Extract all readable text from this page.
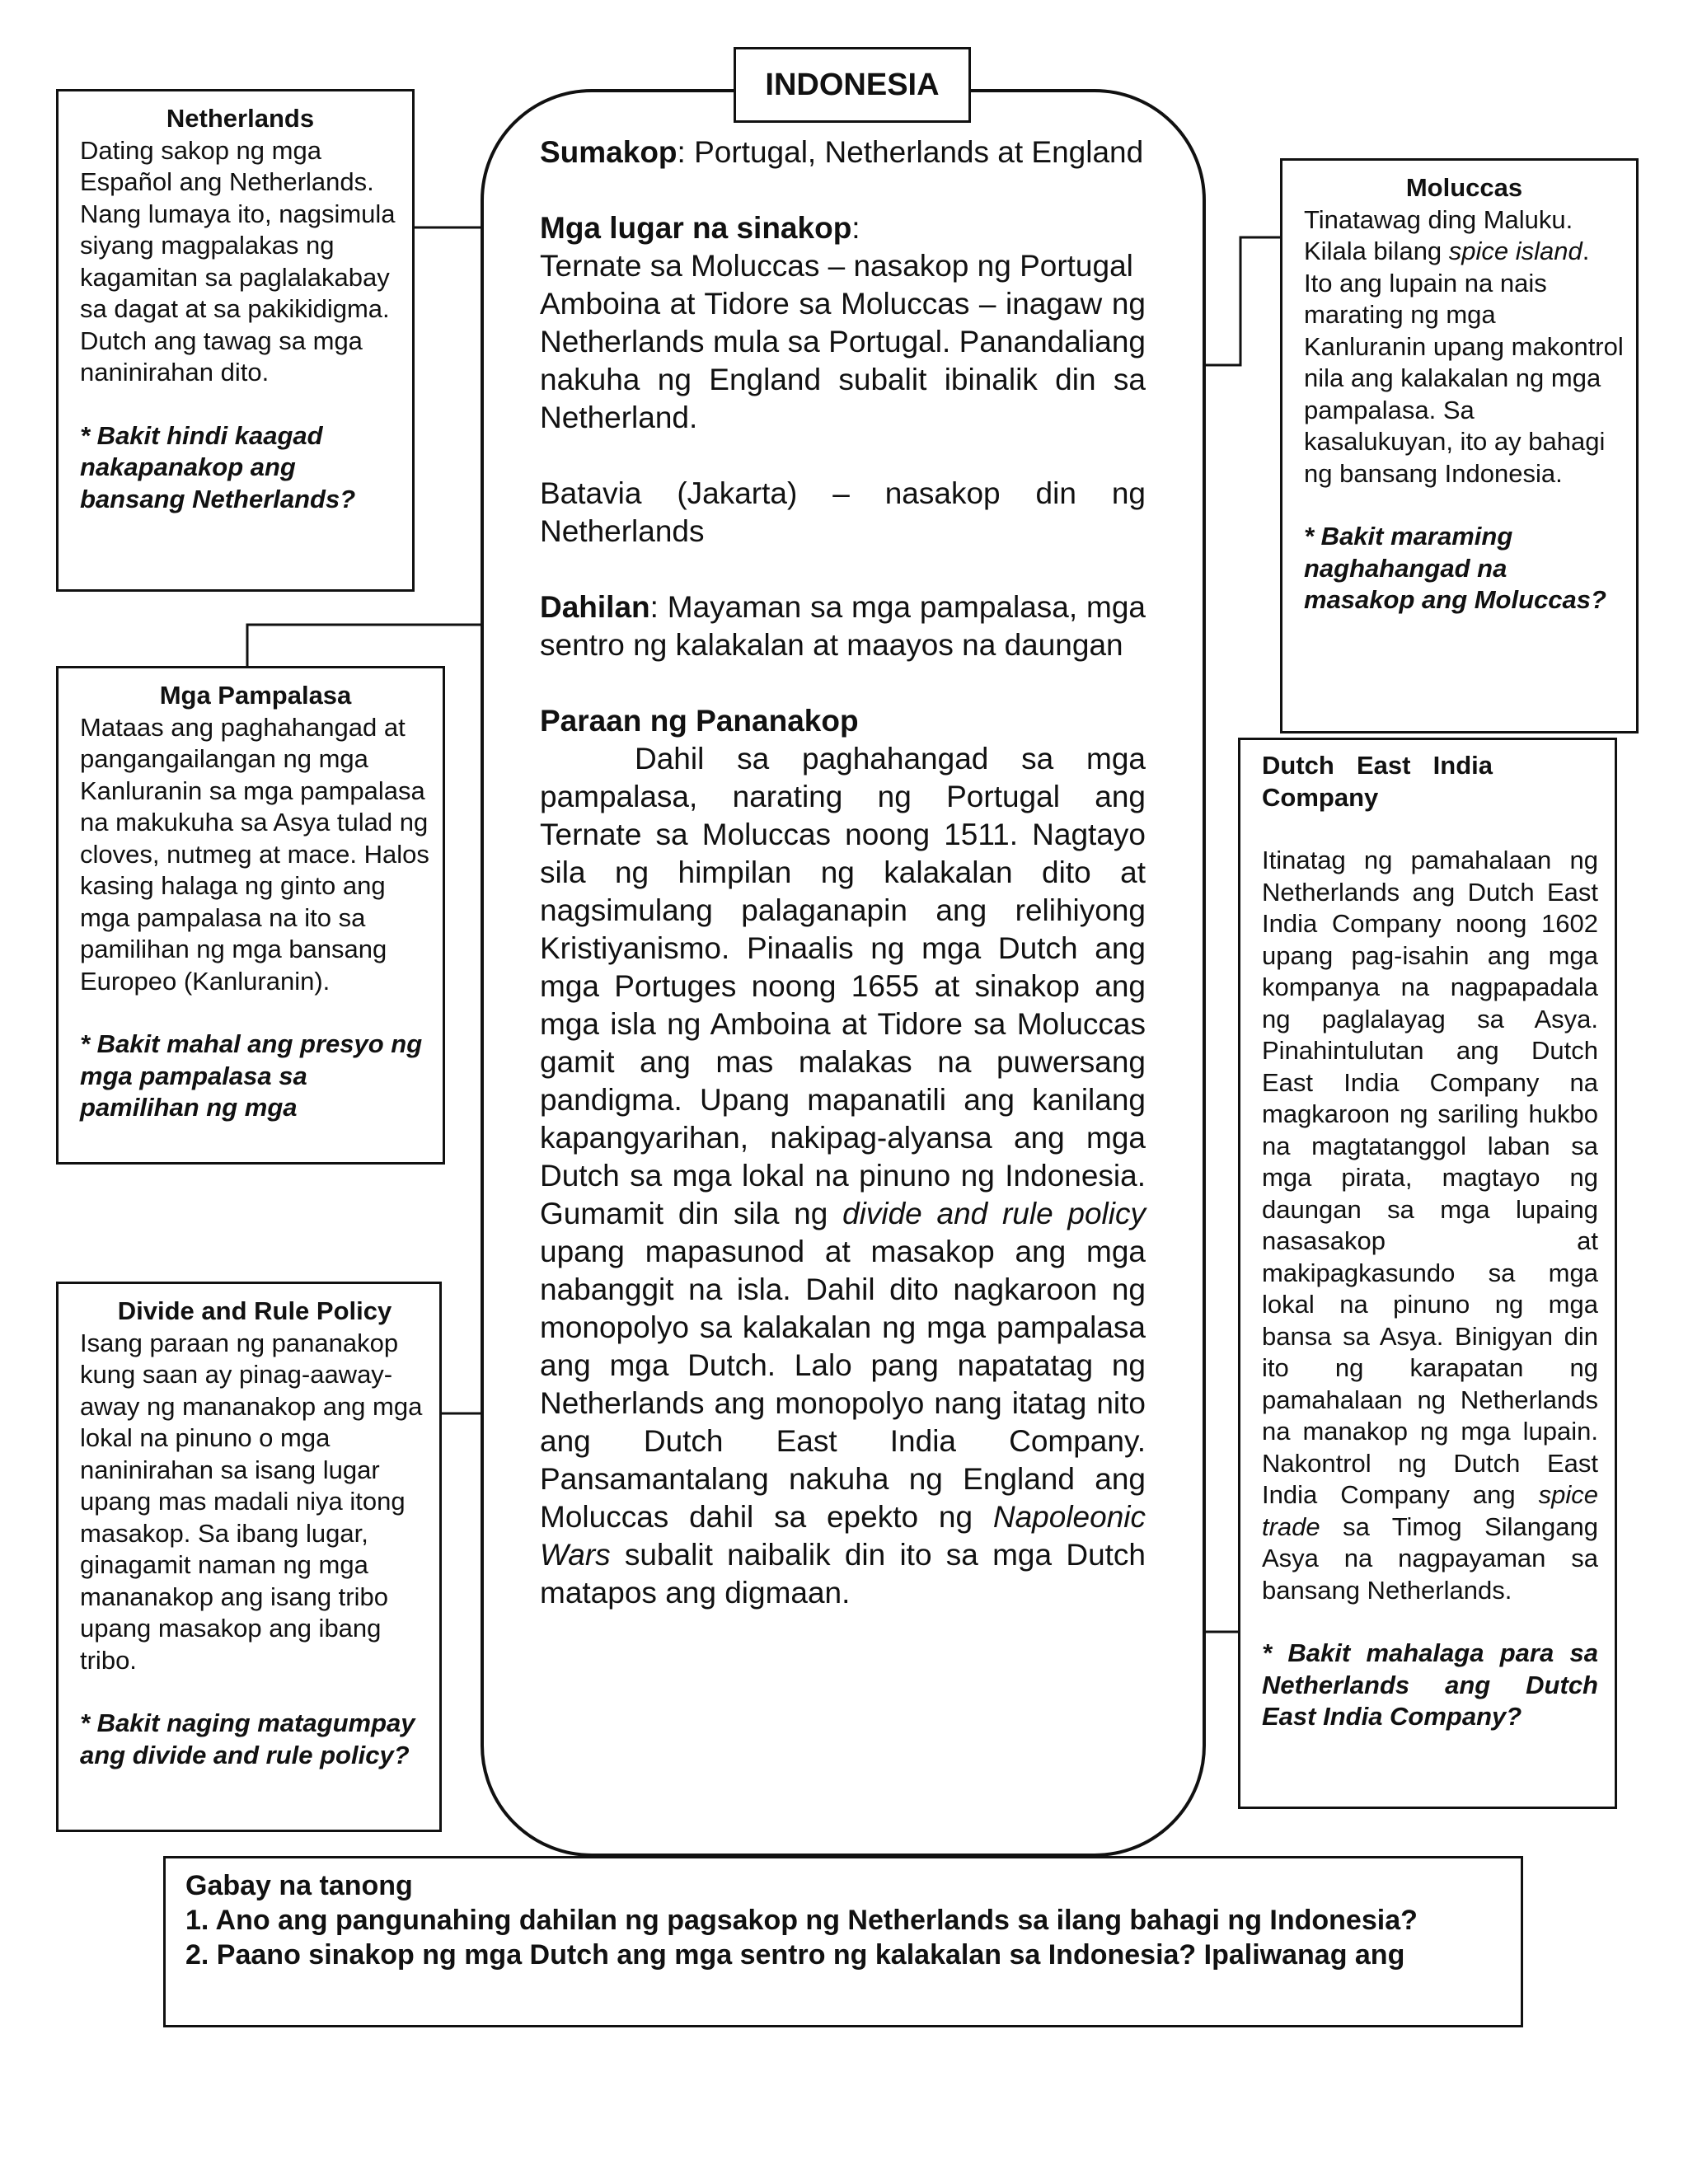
INDONESIA

Sumakop: Portugal, Netherlands at England

Mga lugar na sinakop:

Ternate sa Moluccas – nasakop ng Portugal

Amboina at Tidore sa Moluccas – inagaw ng Netherlands mula sa Portugal. Panandaliang nakuha ng England subalit ibinalik din sa Netherland.

Batavia (Jakarta) – nasakop din ng Netherlands

Dahilan: Mayaman sa mga pampalasa, mga sentro ng kalakalan at maayos na daungan

Paraan ng Pananakop

Dahil sa paghahangad sa mga pampalasa, narating ng Portugal ang Ternate sa Moluccas noong 1511. Nagtayo sila ng himpilan ng kalakalan dito at nagsimulang palaganapin ang relihiyong Kristiyanismo. Pinaalis ng mga Dutch ang mga Portuges noong 1655 at sinakop ang mga isla ng Amboina at Tidore sa Moluccas gamit ang mas malakas na puwersang pandigma. Upang mapanatili ang kanilang kapangyarihan, nakipag-alyansa ang mga Dutch sa mga lokal na pinuno ng Indonesia. Gumamit din sila ng divide and rule policy upang mapasunod at masakop ang mga nabanggit na isla. Dahil dito nagkaroon ng monopolyo sa kalakalan ng mga pampalasa ang mga Dutch. Lalo pang napatatag ng Netherlands ang monopolyo nang itatag nito ang Dutch East India Company. Pansamantalang nakuha ng England ang Moluccas dahil sa epekto ng Napoleonic Wars subalit naibalik din ito sa mga Dutch matapos ang digmaan.

Netherlands

Dating sakop ng mga Español ang Netherlands. Nang lumaya ito, nagsimula siyang magpalakas ng kagamitan sa paglalakabay sa dagat at sa pakikidigma. Dutch ang tawag sa mga naninirahan dito.

* Bakit hindi kaagad nakapanakop ang bansang Netherlands?

Mga Pampalasa

Mataas ang paghahangad at pangangailangan ng mga Kanluranin sa mga pampalasa na makukuha sa Asya tulad ng cloves, nutmeg at mace. Halos kasing halaga ng ginto ang mga pampalasa na ito sa pamilihan ng mga bansang Europeo (Kanluranin).

* Bakit mahal ang presyo ng mga pampalasa sa pamilihan ng mga

Divide and Rule Policy

Isang paraan ng pananakop kung saan ay pinag-aaway-away ng mananakop ang mga lokal na pinuno o mga naninirahan sa isang lugar upang mas madali niya itong masakop. Sa ibang lugar, ginagamit naman ng mga mananakop ang isang tribo upang masakop ang ibang tribo.

* Bakit naging matagumpay ang divide and rule policy?

Moluccas

Tinatawag ding Maluku. Kilala bilang spice island. Ito ang lupain na nais marating ng mga Kanluranin upang makontrol nila ang kalakalan ng mga pampalasa. Sa kasalukuyan, ito ay bahagi ng bansang Indonesia.

* Bakit maraming naghahangad na masakop ang Moluccas?

Dutch East India Company

Itinatag ng pamahalaan ng Netherlands ang Dutch East India Company noong 1602 upang pag-isahin ang mga kompanya na nagpapadala ng paglalayag sa Asya. Pinahintulutan ang Dutch East India Company na magkaroon ng sariling hukbo na magtatanggol laban sa mga pirata, magtayo ng daungan sa mga lupaing nasasakop at makipagkasundo sa mga lokal na pinuno ng mga bansa sa Asya. Binigyan din ito ng karapatan ng pamahalaan ng Netherlands na manakop ng mga lupain. Nakontrol ng Dutch East India Company ang spice trade sa Timog Silangang Asya na nagpayaman sa bansang Netherlands.

* Bakit mahalaga para sa Netherlands ang Dutch East India Company?

Gabay na tanong

1. Ano ang pangunahing dahilan ng pagsakop ng Netherlands sa ilang bahagi ng Indonesia?

2. Paano sinakop ng mga Dutch ang mga sentro ng kalakalan sa Indonesia? Ipaliwanag ang
